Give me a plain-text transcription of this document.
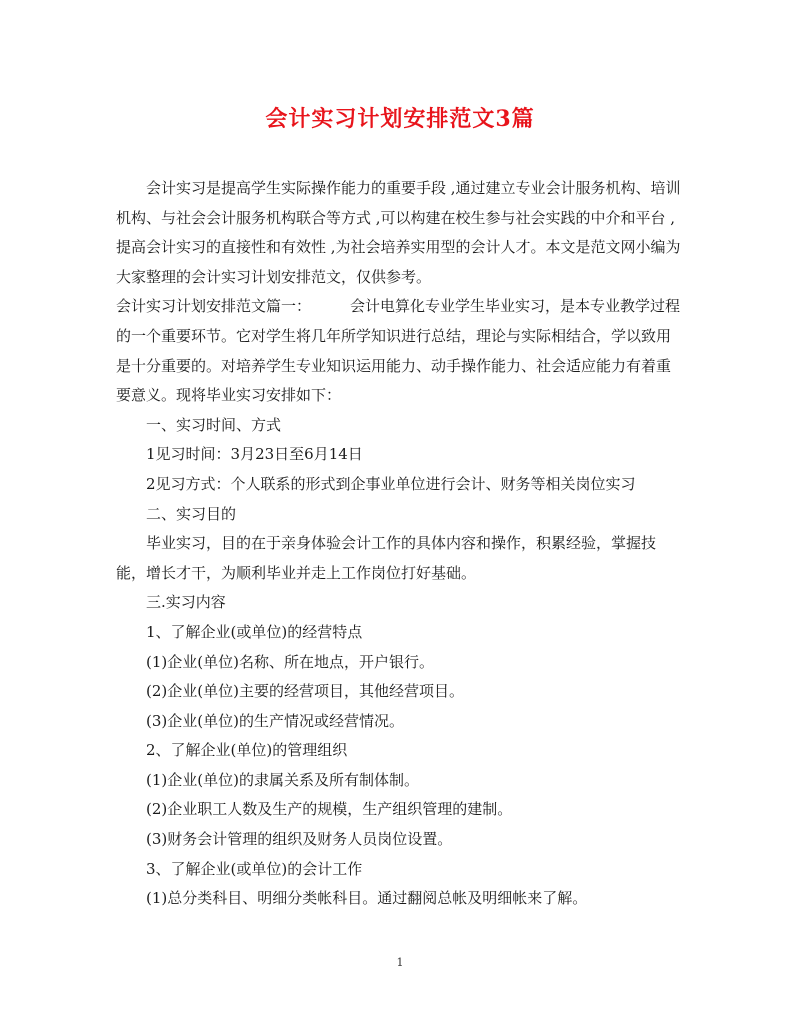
会计实习计划安排范文3篇

会计实习是提高学生实际操作能力的重要手段 ,通过建立专业会计服务机构、培训机构、与社会会计服务机构联合等方式 ,可以构建在校生参与社会实践的中介和平台 ,提高会计实习的直接性和有效性 ,为社会培养实用型的会计人才。本文是范文网小编为大家整理的会计实习计划安排范文，仅供参考。

会计实习计划安排范文篇一：	会计电算化专业学生毕业实习，是本专业教学过程的一个重要环节。它对学生将几年所学知识进行总结，理论与实际相结合，学以致用是十分重要的。对培养学生专业知识运用能力、动手操作能力、社会适应能力有着重要意义。现将毕业实习安排如下：

一、实习时间、方式

1见习时间：3月23日至6月14日

2见习方式：个人联系的形式到企事业单位进行会计、财务等相关岗位实习

二、实习目的

毕业实习，目的在于亲身体验会计工作的具体内容和操作，积累经验，掌握技能，增长才干，为顺利毕业并走上工作岗位打好基础。

三.实习内容

1、了解企业(或单位)的经营特点

(1)企业(单位)名称、所在地点，开户银行。

(2)企业(单位)主要的经营项目，其他经营项目。

(3)企业(单位)的生产情况或经营情况。

2、了解企业(单位)的管理组织

(1)企业(单位)的隶属关系及所有制体制。

(2)企业职工人数及生产的规模，生产组织管理的建制。

(3)财务会计管理的组织及财务人员岗位设置。

3、了解企业(或单位)的会计工作

(1)总分类科目、明细分类帐科目。通过翻阅总帐及明细帐来了解。

1
